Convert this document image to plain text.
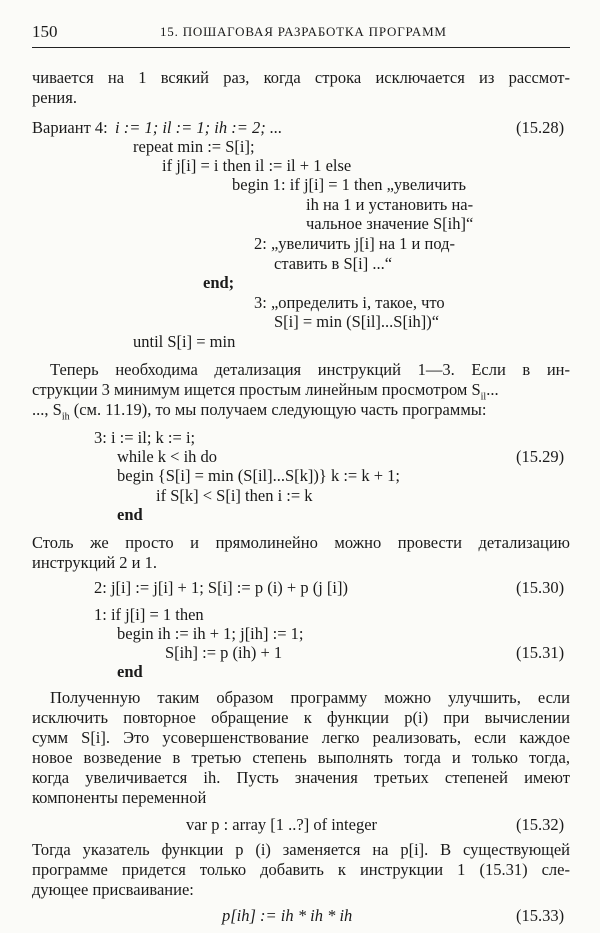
150	15. ПОШАГОВАЯ РАЗРАБОТКА ПРОГРАММ
чивается на 1 всякий раз, когда строка исключается из рассмот-
рения.
Вариант 4: i := 1; il := 1; ih := 2; ...	(15.28)
repeat min := S[i];
if j[i] = i then il := il + 1 else
begin 1: if j[i] = 1 then „увеличить
ih на 1 и установить на-
чальное значение S[ih]“
2: „увеличить j[i] на 1 и под-
ставить в S[i] ...“
end;
3: „определить i, такое, что
S[i] = min (S[il]...S[ih])“
until S[i] = min
Теперь необходима детализация инструкций 1—3. Если в ин-
струкции 3 минимум ищется простым линейным просмотром $S_{il}$...
..., $S_{ih}$ (см. 11.19), то мы получаем следующую часть программы:
3: i := il; k := i;
while k < ih do	(15.29)
begin {S[i] = min (S[il]...S[k])} k := k + 1;
if S[k] < S[i] then i := k
end
Столь же просто и прямолинейно можно провести детализацию
инструкций 2 и 1.
2: j[i] := j[i] + 1; S[i] := p (i) + p (j [i])	(15.30)
1: if j[i] = 1 then
begin ih := ih + 1; j[ih] := 1;
S[ih] := p (ih) + 1	(15.31)
end
Полученную таким образом программу можно улучшить, если
исключить повторное обращение к функции p(i) при вычислении
сумм S[i]. Это усовершенствование легко реализовать, если каждое
новое возведение в третью степень выполнять тогда и только тогда,
когда увеличивается ih. Пусть значения третьих степеней имеют
компоненты переменной
var p : array [1 ..?] of integer	(15.32)
Тогда указатель функции p (i) заменяется на p[i]. В существующей
программе придется только добавить к инструкции 1 (15.31) сле-
дующее присваивание:
p[ih] := ih * ih * ih	(15.33)
